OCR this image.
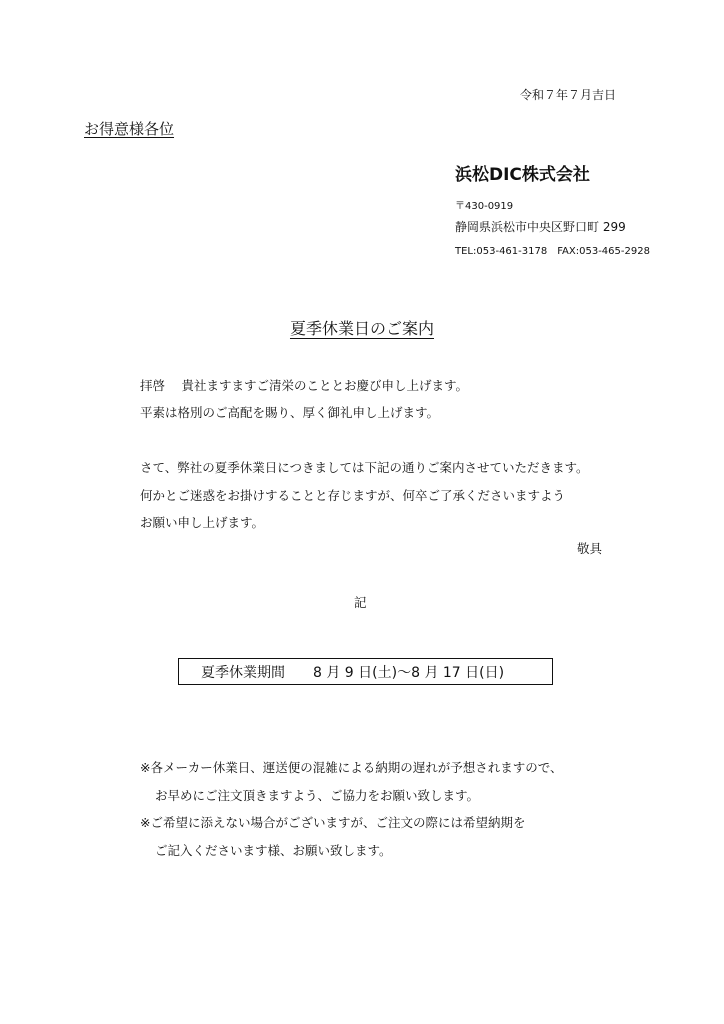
令和７年７月吉日
お得意様各位
浜松DIC株式会社
〒430-0919
静岡県浜松市中央区野口町 299
TEL:053-461-3178　FAX:053-465-2928
夏季休業日のご案内
拝啓　 貴社ますますご清栄のこととお慶び申し上げます。
平素は格別のご高配を賜り、厚く御礼申し上げます。
さて、弊社の夏季休業日につきましては下記の通りご案内させていただきます。
何かとご迷惑をお掛けすることと存じますが、何卒ご了承くださいますよう
お願い申し上げます。
敬具
記
夏季休業期間 8 月 9 日(土)～8 月 17 日(日)
※各メーカー休業日、運送便の混雑による納期の遅れが予想されますので、
お早めにご注文頂きますよう、ご協力をお願い致します。
※ご希望に添えない場合がございますが、ご注文の際には希望納期を
ご記入くださいます様、お願い致します。
